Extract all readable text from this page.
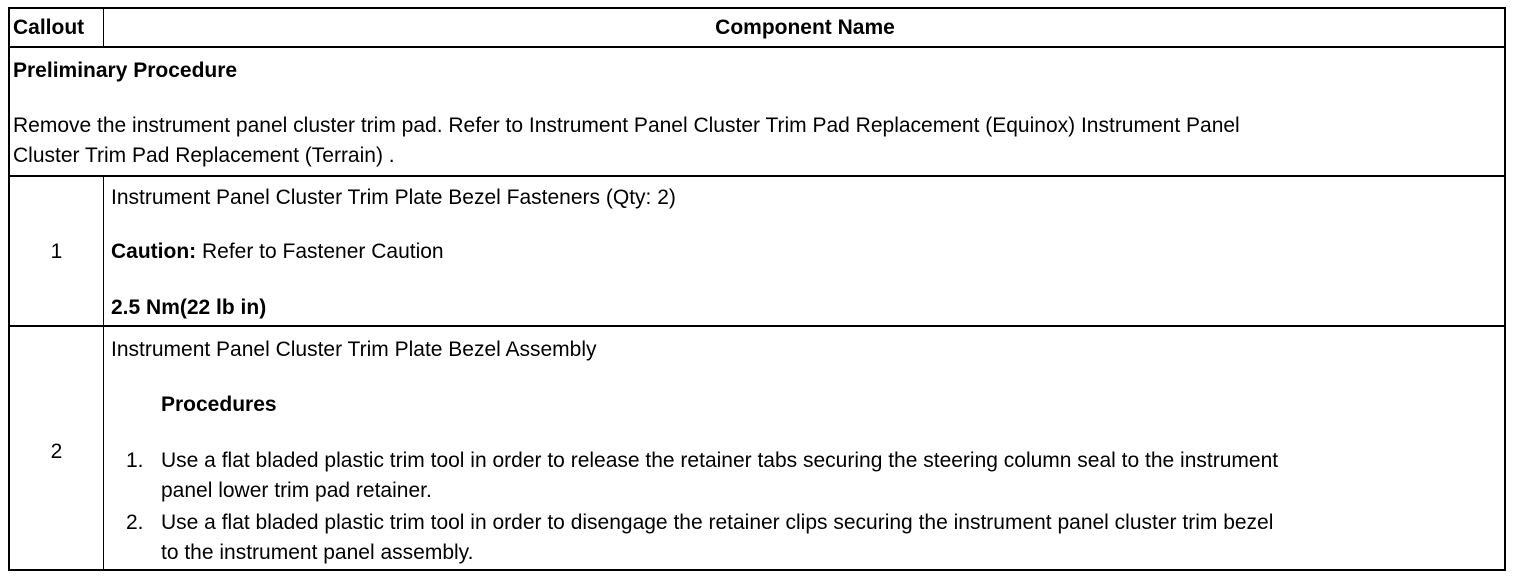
Callout	Component Name
Preliminary Procedure
Remove the instrument panel cluster trim pad. Refer to Instrument Panel Cluster Trim Pad Replacement (Equinox) Instrument Panel
Cluster Trim Pad Replacement (Terrain) .
1
Instrument Panel Cluster Trim Plate Bezel Fasteners (Qty: 2)
Caution: Refer to Fastener Caution
2.5 Nm(22 lb in)
2
Instrument Panel Cluster Trim Plate Bezel Assembly
Procedures
1. Use a flat bladed plastic trim tool in order to release the retainer tabs securing the steering column seal to the instrument
panel lower trim pad retainer.
2. Use a flat bladed plastic trim tool in order to disengage the retainer clips securing the instrument panel cluster trim bezel
to the instrument panel assembly.
